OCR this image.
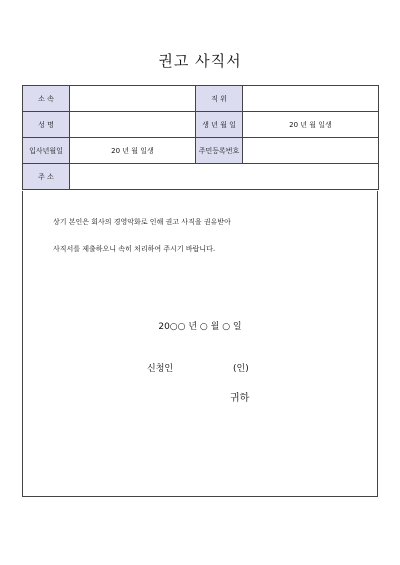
권고 사직서
소 속		직 위	
성 명		생 년 월 일	20 년 월 일생
입사년월일	20 년 월 일생	주민등록번호	
주 소			
상기 본인은 회사의 경영악화로 인해 권고 사직을 권유받아
사직서를 제출하오니 속히 처리하여 주시기 바랍니다.
20○○ 년 ○ 월 ○ 일
신청인	(인)
귀하
